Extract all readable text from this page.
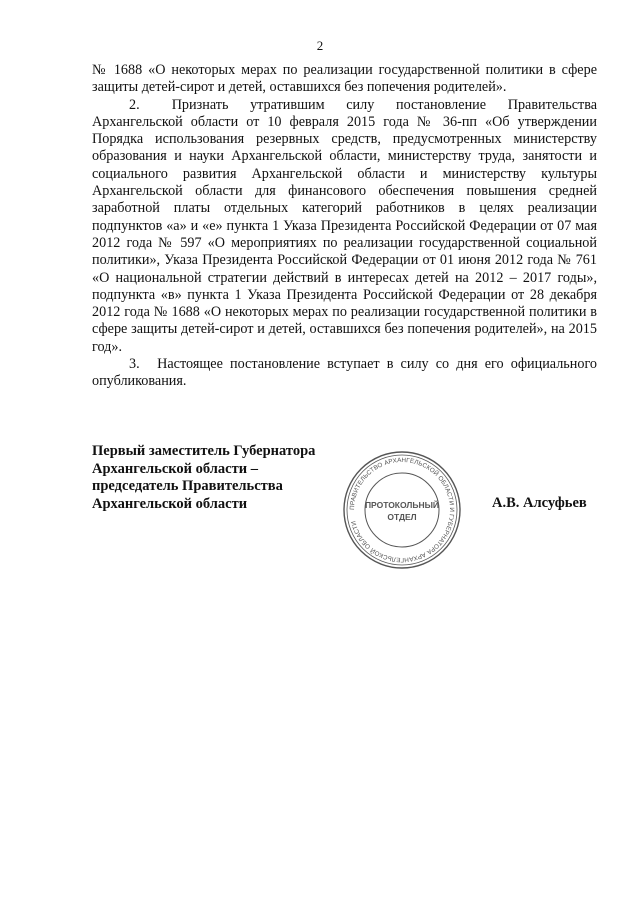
2

№ 1688 «О некоторых мерах по реализации государственной политики в сфере защиты детей-сирот и детей, оставшихся без попечения родителей».

2. Признать утратившим силу постановление Правительства Архангельской области от 10 февраля 2015 года № 36-пп «Об утверждении Порядка использования резервных средств, предусмотренных министерству образования и науки Архангельской области, министерству труда, занятости и социального развития Архангельской области и министерству культуры Архангельской области для финансового обеспечения повышения средней заработной платы отдельных категорий работников в целях реализации подпунктов «а» и «е» пункта 1 Указа Президента Российской Федерации от 07 мая 2012 года № 597 «О мероприятиях по реализации государственной социальной политики», Указа Президента Российской Федерации от 01 июня 2012 года № 761 «О национальной стратегии действий в интересах детей на 2012 – 2017 годы», подпункта «в» пункта 1 Указа Президента Российской Федерации от 28 декабря 2012 года № 1688 «О некоторых мерах по реализации государственной политики в сфере защиты детей-сирот и детей, оставшихся без попечения родителей», на 2015 год».

3. Настоящее постановление вступает в силу со дня его официального опубликования.

Первый заместитель Губернатора
Архангельской области –
председатель Правительства
Архангельской области	ПРАВИТЕЛЬСТВО АРХАНГЕЛЬСКОЙ ОБЛАСТИ И ГУБЕРНАТОРА АРХАНГЕЛЬСКОЙ ОБЛАСТИ
ПРОТОКОЛЬНЫЙ
ОТДЕЛ
А.В. Алсуфьев
